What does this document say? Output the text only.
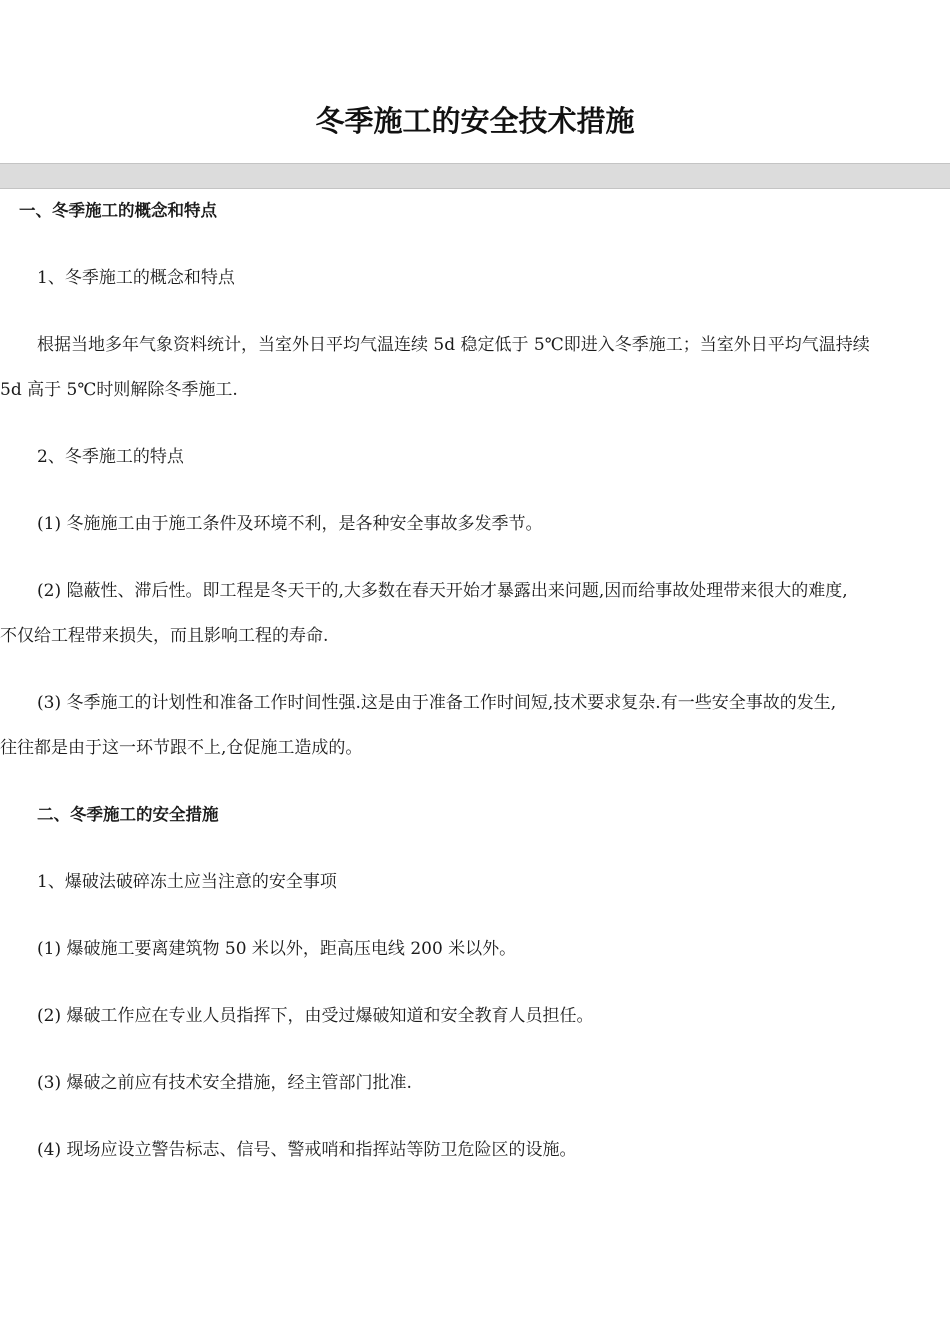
冬季施工的安全技术措施

一、冬季施工的概念和特点

1、冬季施工的概念和特点

根据当地多年气象资料统计，当室外日平均气温连续 5d 稳定低于 5℃即进入冬季施工；当室外日平均气温持续

5d 高于 5℃时则解除冬季施工.

2、冬季施工的特点

(1) 冬施施工由于施工条件及环境不利，是各种安全事故多发季节。

(2) 隐蔽性、滞后性。即工程是冬天干的,大多数在春天开始才暴露出来问题,因而给事故处理带来很大的难度,

不仅给工程带来损失，而且影响工程的寿命.

(3) 冬季施工的计划性和准备工作时间性强.这是由于准备工作时间短,技术要求复杂.有一些安全事故的发生,

往往都是由于这一环节跟不上,仓促施工造成的。

二、冬季施工的安全措施

1、爆破法破碎冻土应当注意的安全事项

(1) 爆破施工要离建筑物 50 米以外，距高压电线 200 米以外。

(2) 爆破工作应在专业人员指挥下，由受过爆破知道和安全教育人员担任。

(3) 爆破之前应有技术安全措施，经主管部门批准.

(4) 现场应设立警告标志、信号、警戒哨和指挥站等防卫危险区的设施。
